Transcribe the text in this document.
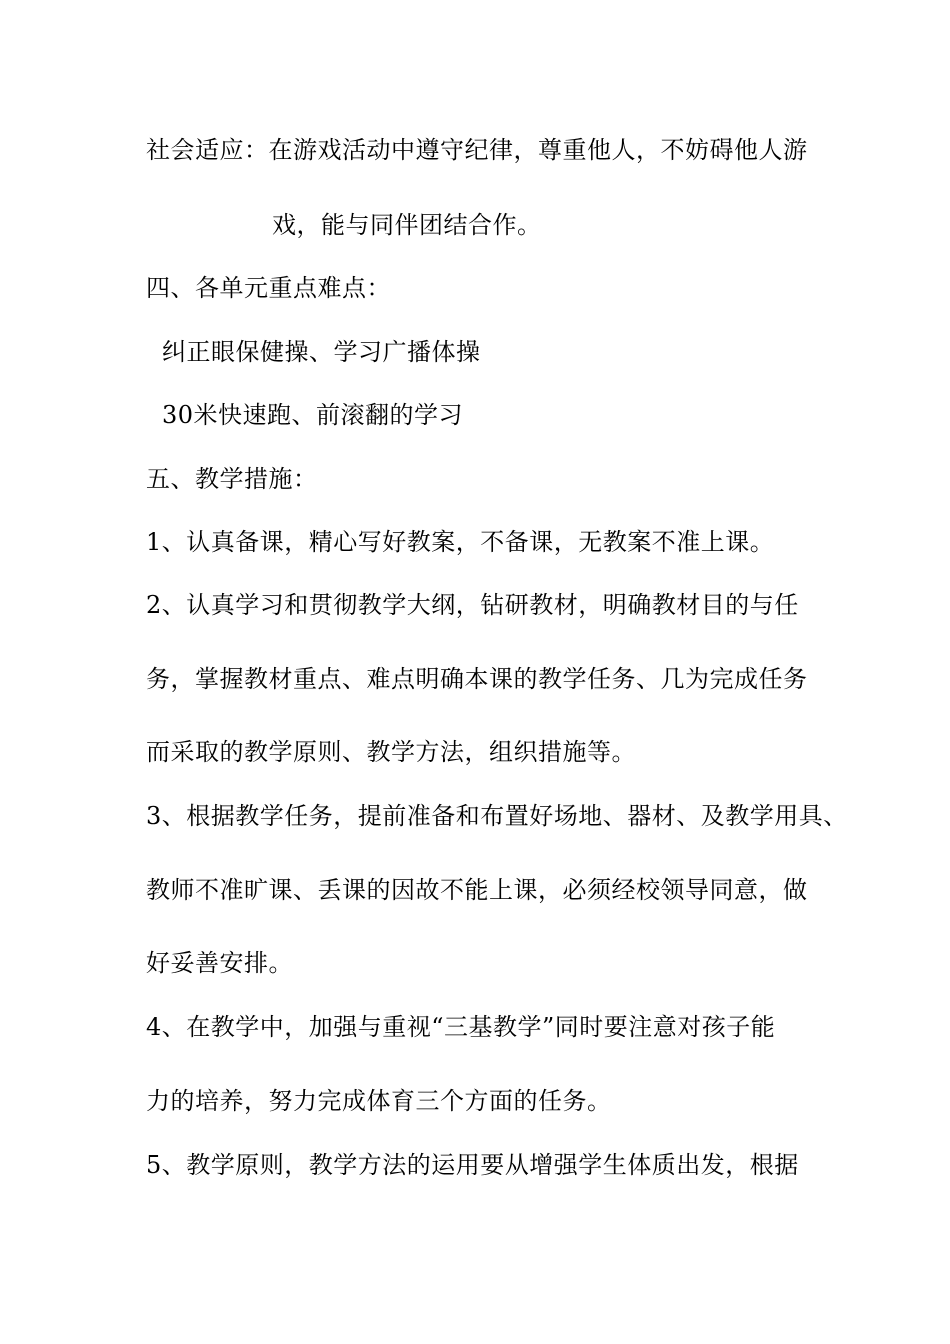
社会适应：在游戏活动中遵守纪律，尊重他人，不妨碍他人游
戏，能与同伴团结合作。
四、各单元重点难点：
纠正眼保健操、学习广播体操
30米快速跑、前滚翻的学习
五、教学措施：
1、认真备课，精心写好教案，不备课，无教案不准上课。
2、认真学习和贯彻教学大纲，钻研教材，明确教材目的与任
务，掌握教材重点、难点明确本课的教学任务、几为完成任务
而采取的教学原则、教学方法，组织措施等。
3、根据教学任务，提前准备和布置好场地、器材、及教学用具、
教师不准旷课、丢课的因故不能上课，必须经校领导同意，做
好妥善安排。
4、在教学中，加强与重视“三基教学”同时要注意对孩子能
力的培养，努力完成体育三个方面的任务。
5、教学原则，教学方法的运用要从增强学生体质出发，根据
